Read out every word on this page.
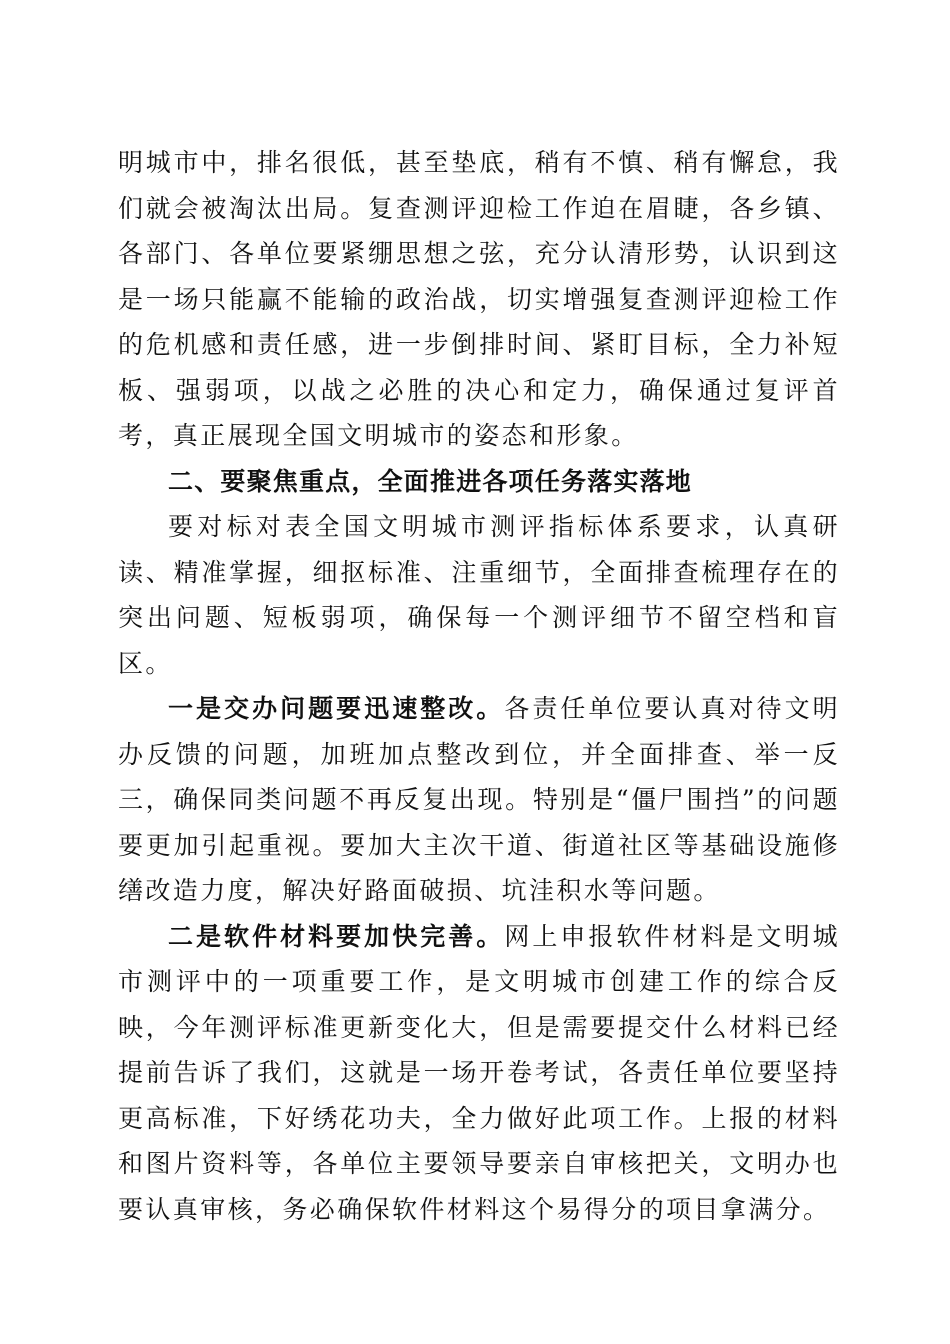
明城市中，排名很低，甚至垫底，稍有不慎、稍有懈怠，我们就会被淘汰出局。复查测评迎检工作迫在眉睫，各乡镇、各部门、各单位要紧绷思想之弦，充分认清形势，认识到这是一场只能赢不能输的政治战，切实增强复查测评迎检工作的危机感和责任感，进一步倒排时间、紧盯目标，全力补短板、强弱项，以战之必胜的决心和定力，确保通过复评首考，真正展现全国文明城市的姿态和形象。

二、要聚焦重点，全面推进各项任务落实落地

要对标对表全国文明城市测评指标体系要求，认真研读、精准掌握，细抠标准、注重细节，全面排查梳理存在的突出问题、短板弱项，确保每一个测评细节不留空档和盲区。

一是交办问题要迅速整改。各责任单位要认真对待文明办反馈的问题，加班加点整改到位，并全面排查、举一反三，确保同类问题不再反复出现。特别是“僵尸围挡”的问题要更加引起重视。要加大主次干道、街道社区等基础设施修缮改造力度，解决好路面破损、坑洼积水等问题。

二是软件材料要加快完善。网上申报软件材料是文明城市测评中的一项重要工作，是文明城市创建工作的综合反映，今年测评标准更新变化大，但是需要提交什么材料已经提前告诉了我们，这就是一场开卷考试，各责任单位要坚持更高标准，下好绣花功夫，全力做好此项工作。上报的材料和图片资料等，各单位主要领导要亲自审核把关，文明办也要认真审核，务必确保软件材料这个易得分的项目拿满分。
